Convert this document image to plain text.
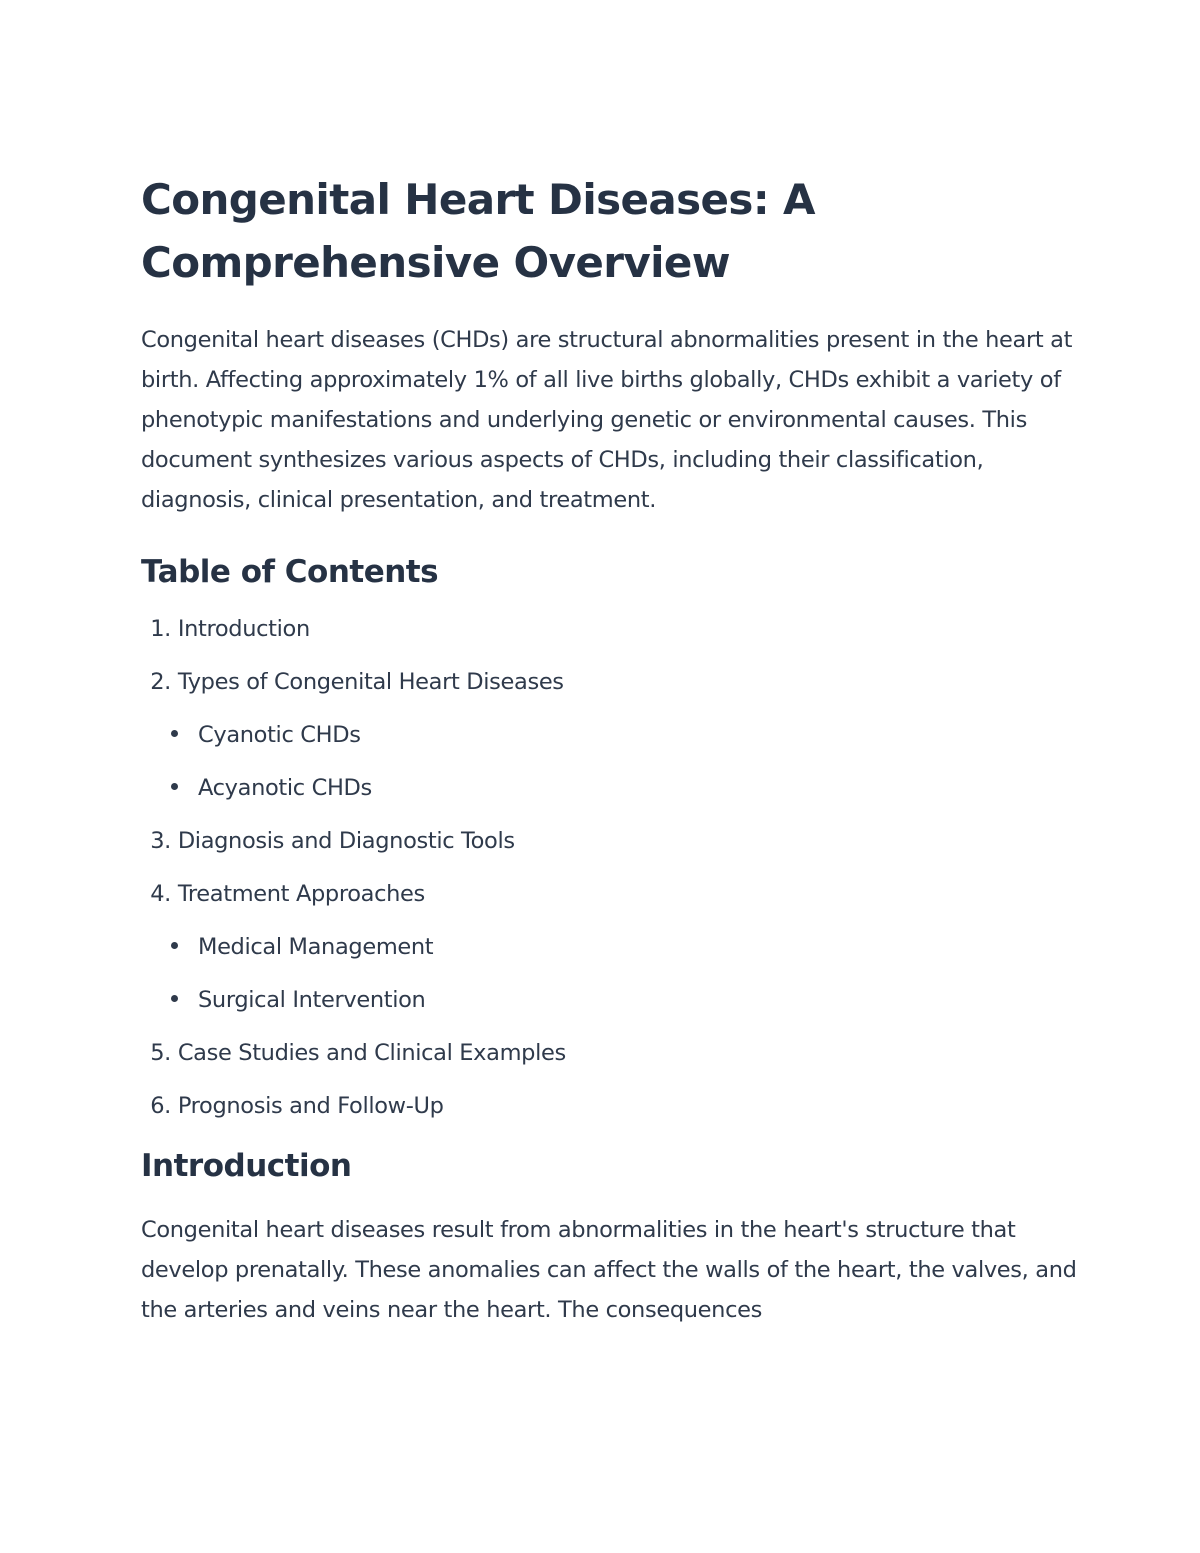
Congenital Heart Diseases: A Comprehensive Overview

Congenital heart diseases (CHDs) are structural abnormalities present in the heart at birth. Affecting approximately 1% of all live births globally, CHDs exhibit a variety of phenotypic manifestations and underlying genetic or environmental causes. This document synthesizes various aspects of CHDs, including their classification, diagnosis, clinical presentation, and treatment.

Table of Contents
1. Introduction
2. Types of Congenital Heart Diseases
Cyanotic CHDs
Acyanotic CHDs
3. Diagnosis and Diagnostic Tools
4. Treatment Approaches
Medical Management
Surgical Intervention
5. Case Studies and Clinical Examples
6. Prognosis and Follow-Up
Introduction

Congenital heart diseases result from abnormalities in the heart's structure that develop prenatally. These anomalies can affect the walls of the heart, the valves, and the arteries and veins near the heart. The consequences
